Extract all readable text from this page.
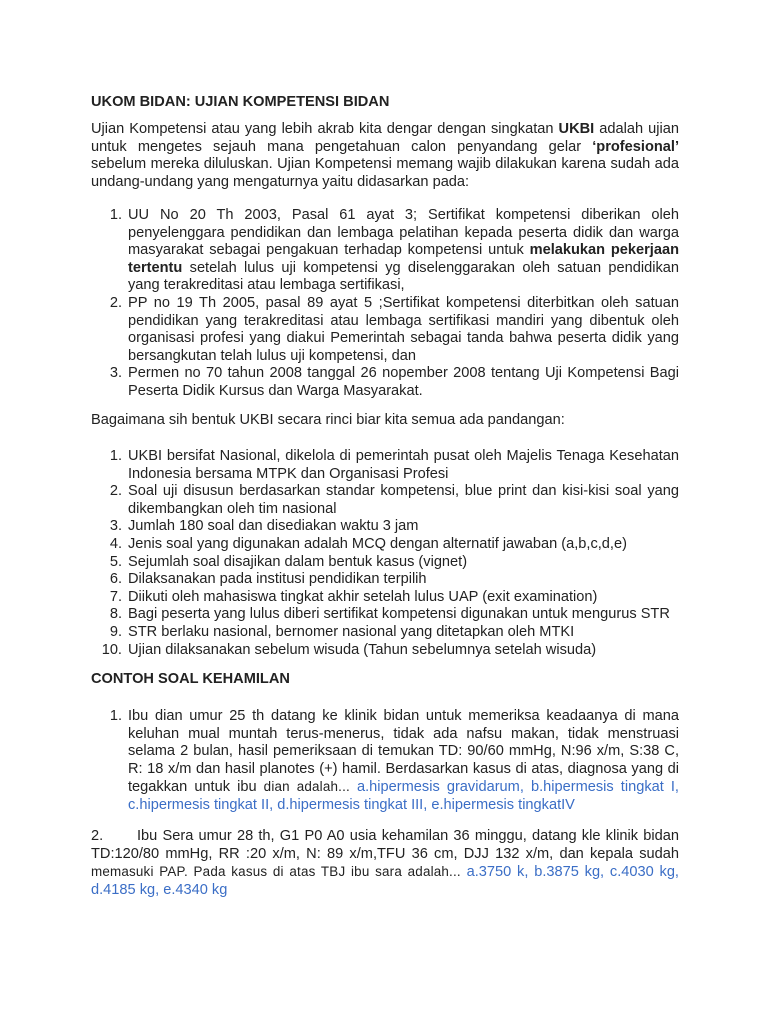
UKOM BIDAN: UJIAN KOMPETENSI BIDAN
Ujian Kompetensi atau yang lebih akrab kita dengar dengan singkatan UKBI adalah ujian untuk mengetes sejauh mana pengetahuan calon penyandang gelar ‘profesional’ sebelum mereka diluluskan. Ujian Kompetensi memang wajib dilakukan karena sudah ada undang-undang yang mengaturnya yaitu didasarkan pada:
1. UU No 20 Th 2003, Pasal 61 ayat 3; Sertifikat kompetensi diberikan oleh penyelenggara pendidikan dan lembaga pelatihan kepada peserta didik dan warga masyarakat sebagai pengakuan terhadap kompetensi untuk melakukan pekerjaan tertentu setelah lulus uji kompetensi yg diselenggarakan oleh satuan pendidikan yang terakreditasi atau lembaga sertifikasi,
2. PP no 19 Th 2005, pasal 89 ayat 5 ;Sertifikat kompetensi diterbitkan oleh satuan pendidikan yang terakreditasi atau lembaga sertifikasi mandiri yang dibentuk oleh organisasi profesi yang diakui Pemerintah sebagai tanda bahwa peserta didik yang bersangkutan telah lulus uji kompetensi, dan
3. Permen no 70 tahun 2008 tanggal 26 nopember 2008 tentang Uji Kompetensi Bagi Peserta Didik Kursus dan Warga Masyarakat.
Bagaimana sih bentuk UKBI secara rinci biar kita semua ada pandangan:
1. UKBI bersifat Nasional, dikelola di pemerintah pusat oleh Majelis Tenaga Kesehatan Indonesia bersama MTPK dan Organisasi Profesi
2. Soal uji disusun berdasarkan standar kompetensi, blue print dan kisi-kisi soal yang dikembangkan oleh tim nasional
3. Jumlah 180 soal dan disediakan waktu 3 jam
4. Jenis soal yang digunakan adalah MCQ dengan alternatif jawaban (a,b,c,d,e)
5. Sejumlah soal disajikan dalam bentuk kasus (vignet)
6. Dilaksanakan pada institusi pendidikan terpilih
7. Diikuti oleh mahasiswa tingkat akhir setelah lulus UAP (exit examination)
8. Bagi peserta yang lulus diberi sertifikat kompetensi digunakan untuk mengurus STR
9. STR berlaku nasional, bernomer nasional yang ditetapkan oleh MTKI
10. Ujian dilaksanakan sebelum wisuda (Tahun sebelumnya setelah wisuda)
CONTOH SOAL KEHAMILAN
1. Ibu dian umur 25 th datang ke klinik bidan untuk memeriksa keadaanya di mana keluhan mual muntah terus-menerus, tidak ada nafsu makan, tidak menstruasi selama 2 bulan, hasil pemeriksaan di temukan TD: 90/60 mmHg, N:96 x/m, S:38 C, R: 18 x/m dan hasil planotes (+) hamil. Berdasarkan kasus di atas, diagnosa yang di tegakkan untuk ibu dian adalah... a.hipermesis gravidarum, b.hipermesis tingkat I, c.hipermesis tingkat II, d.hipermesis tingkat III, e.hipermesis tingkatIV
2. Ibu Sera umur 28 th, G1 P0 A0 usia kehamilan 36 minggu, datang kle klinik bidan TD:120/80 mmHg, RR :20 x/m, N: 89 x/m,TFU 36 cm, DJJ 132 x/m, dan kepala sudah memasuki PAP. Pada kasus di atas TBJ ibu sara adalah... a.3750 k, b.3875 kg, c.4030 kg, d.4185 kg, e.4340 kg
